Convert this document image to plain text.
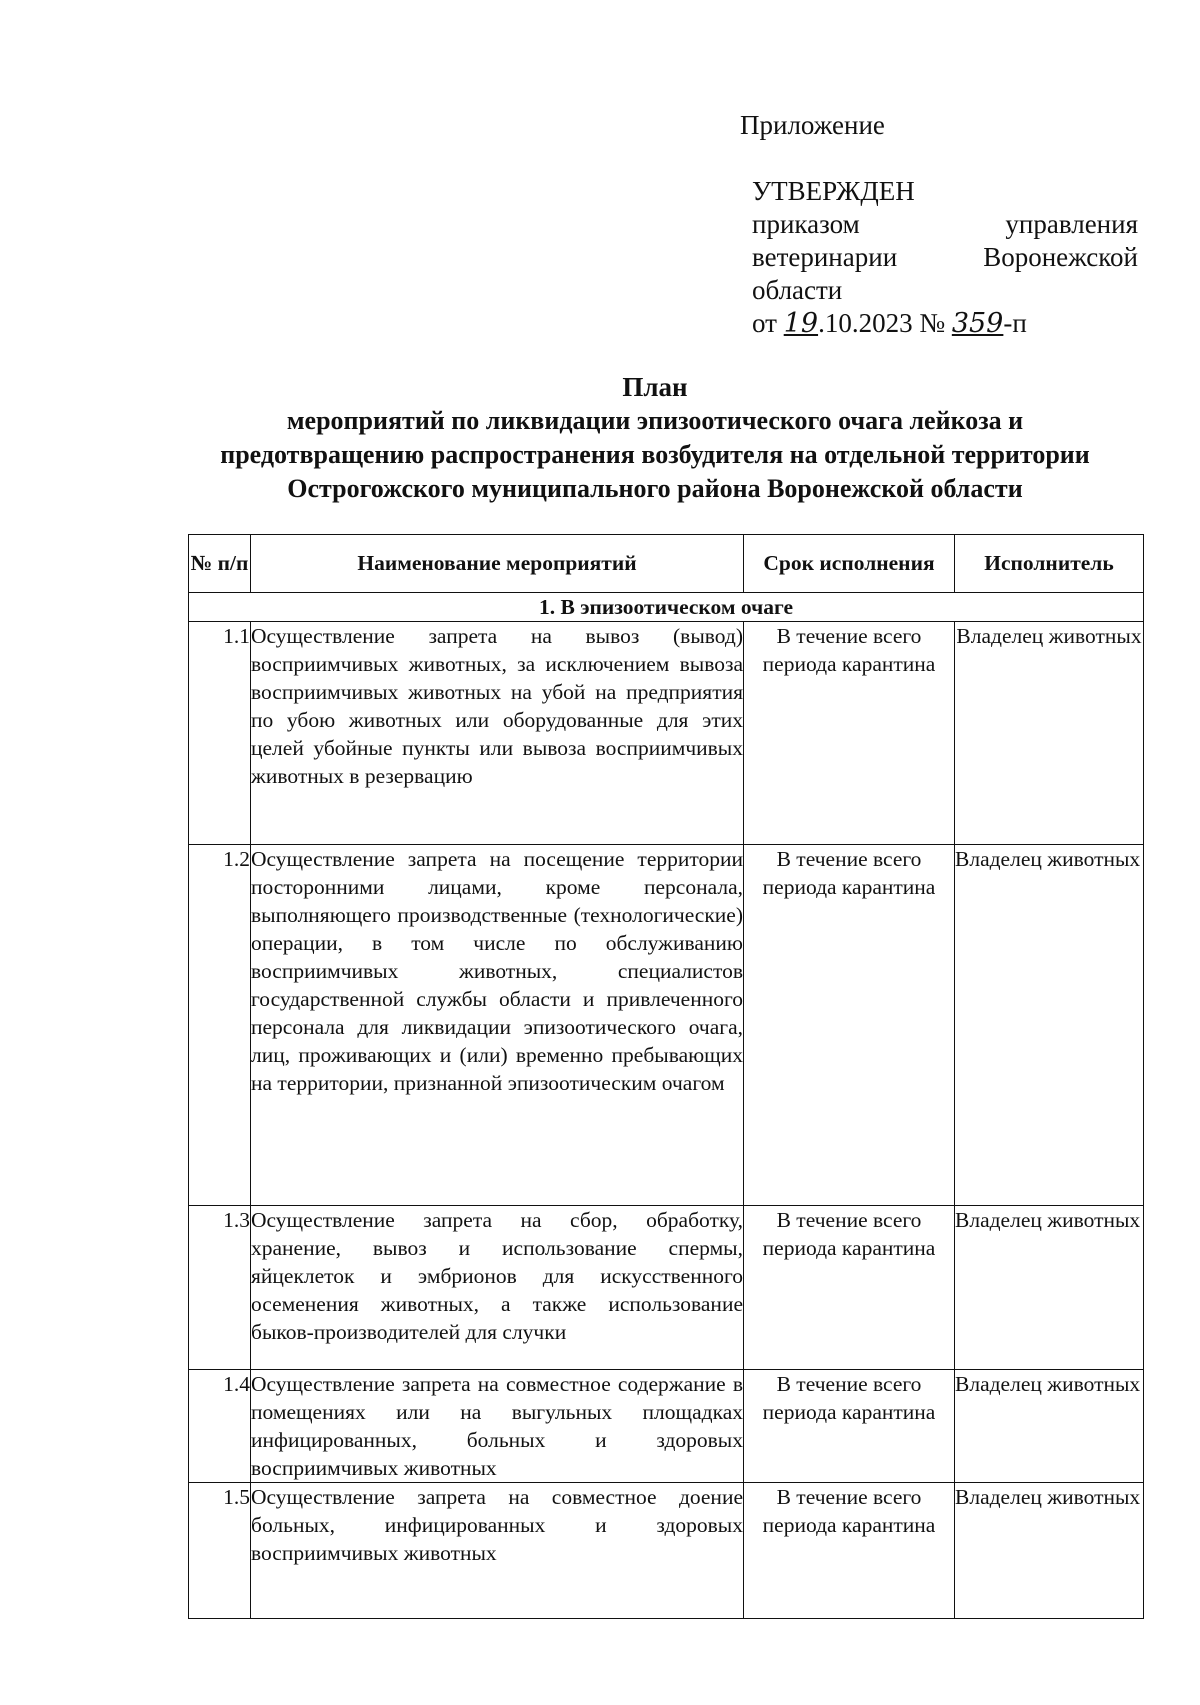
Приложение
УТВЕРЖДЕН
приказом	управления
ветеринарии	Воронежской
области
от 19.10.2023 № 359-п
План
мероприятий по ликвидации эпизоотического очага лейкоза и
предотвращению распространения возбудителя на отдельной территории
Острогожского муниципального района Воронежской области
№ п/п	Наименование мероприятий	Срок исполнения	Исполнитель
1. В эпизоотическом очаге			
1.1	Осуществление запрета на вывоз (вывод) восприимчивых животных, за исключением вывоза восприимчивых животных на убой на предприятия по убою животных или оборудованные для этих целей убойные пункты или вывоза восприимчивых животных в резервацию	В течение всего периода карантина	Владелец животных
1.2	Осуществление запрета на посещение территории посторонними лицами, кроме персонала, выполняющего производственные (технологические) операции, в том числе по обслуживанию восприимчивых животных, специалистов государственной службы области и привлеченного персонала для ликвидации эпизоотического очага, лиц, проживающих и (или) временно пребывающих на территории, признанной эпизоотическим очагом	В течение всего периода карантина	Владелец животных
1.3	Осуществление запрета на сбор, обработку, хранение, вывоз и использование спермы, яйцеклеток и эмбрионов для искусственного осеменения животных, а также использование быков-производителей для случки	В течение всего периода карантина	Владелец животных
1.4	Осуществление запрета на совместное содержание в помещениях или на выгульных площадках инфицированных, больных и здоровых восприимчивых животных	В течение всего периода карантина	Владелец животных
1.5	Осуществление запрета на совместное доение больных, инфицированных и здоровых восприимчивых животных	В течение всего периода карантина	Владелец животных
